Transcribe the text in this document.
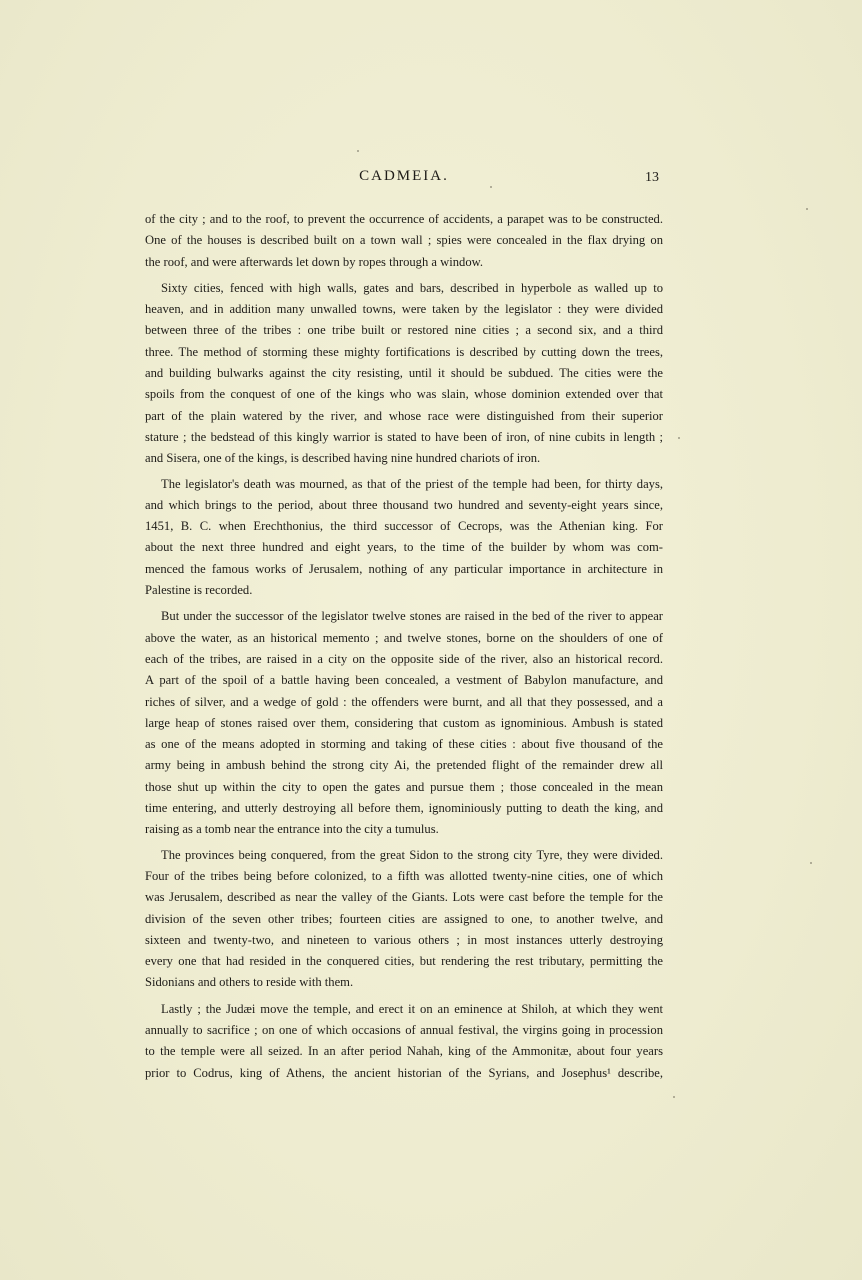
CADMEIA.	13
of the city ; and to the roof, to prevent the occurrence of accidents, a parapet was to be constructed.
One of the houses is described built on a town wall ; spies were concealed in the flax drying on
the roof, and were afterwards let down by ropes through a window.
Sixty cities, fenced with high walls, gates and bars, described in hyperbole as walled up to
heaven, and in addition many unwalled towns, were taken by the legislator : they were divided
between three of the tribes : one tribe built or restored nine cities ; a second six, and a third
three. The method of storming these mighty fortifications is described by cutting down the trees,
and building bulwarks against the city resisting, until it should be subdued. The cities were the
spoils from the conquest of one of the kings who was slain, whose dominion extended over that
part of the plain watered by the river, and whose race were distinguished from their superior
stature ; the bedstead of this kingly warrior is stated to have been of iron, of nine cubits in length ;
and Sisera, one of the kings, is described having nine hundred chariots of iron.
The legislator's death was mourned, as that of the priest of the temple had been, for thirty days,
and which brings to the period, about three thousand two hundred and seventy-eight years since,
1451, B. C. when Erechthonius, the third successor of Cecrops, was the Athenian king. For
about the next three hundred and eight years, to the time of the builder by whom was com-
menced the famous works of Jerusalem, nothing of any particular importance in architecture in
Palestine is recorded.
But under the successor of the legislator twelve stones are raised in the bed of the river to appear
above the water, as an historical memento ; and twelve stones, borne on the shoulders of one of
each of the tribes, are raised in a city on the opposite side of the river, also an historical record.
A part of the spoil of a battle having been concealed, a vestment of Babylon manufacture, and
riches of silver, and a wedge of gold : the offenders were burnt, and all that they possessed, and a
large heap of stones raised over them, considering that custom as ignominious. Ambush is stated
as one of the means adopted in storming and taking of these cities : about five thousand of the
army being in ambush behind the strong city Ai, the pretended flight of the remainder drew all
those shut up within the city to open the gates and pursue them ; those concealed in the mean
time entering, and utterly destroying all before them, ignominiously putting to death the king, and
raising as a tomb near the entrance into the city a tumulus.
The provinces being conquered, from the great Sidon to the strong city Tyre, they were divided.
Four of the tribes being before colonized, to a fifth was allotted twenty-nine cities, one of which
was Jerusalem, described as near the valley of the Giants. Lots were cast before the temple for the
division of the seven other tribes; fourteen cities are assigned to one, to another twelve, and
sixteen and twenty-two, and nineteen to various others ; in most instances utterly destroying
every one that had resided in the conquered cities, but rendering the rest tributary, permitting the
Sidonians and others to reside with them.
Lastly ; the Judæi move the temple, and erect it on an eminence at Shiloh, at which they went
annually to sacrifice ; on one of which occasions of annual festival, the virgins going in procession
to the temple were all seized. In an after period Nahah, king of the Ammonitæ, about four years
prior to Codrus, king of Athens, the ancient historian of the Syrians, and Josephus¹ describe,
